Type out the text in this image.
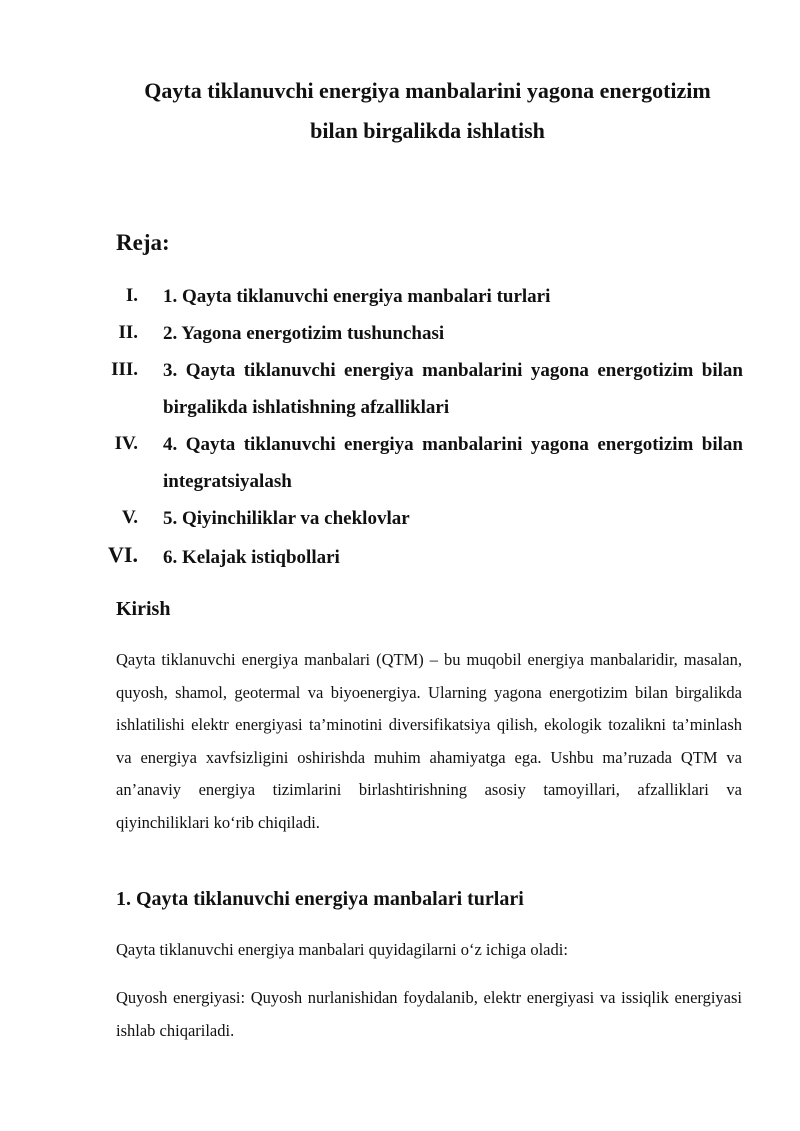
Qayta tiklanuvchi energiya manbalarini yagona energotizim
bilan birgalikda ishlatish
Reja:
I. 1. Qayta tiklanuvchi energiya manbalari turlari
II. 2. Yagona energotizim tushunchasi
III. 3. Qayta tiklanuvchi energiya manbalarini yagona energotizim bilan birgalikda ishlatishning afzalliklari
IV. 4. Qayta tiklanuvchi energiya manbalarini yagona energotizim bilan integratsiyalash
V. 5. Qiyinchiliklar va cheklovlar
VI. 6. Kelajak istiqbollari
Kirish

Qayta tiklanuvchi energiya manbalari (QTM) – bu muqobil energiya manbalaridir, masalan, quyosh, shamol, geotermal va biyoenergiya. Ularning yagona energotizim bilan birgalikda ishlatilishi elektr energiyasi ta’minotini diversifikatsiya qilish, ekologik tozalikni ta’minlash va energiya xavfsizligini oshirishda muhim ahamiyatga ega. Ushbu ma’ruzada QTM va an’anaviy energiya tizimlarini birlashtirishning asosiy tamoyillari, afzalliklari va qiyinchiliklari ko‘rib chiqiladi.

1. Qayta tiklanuvchi energiya manbalari turlari

Qayta tiklanuvchi energiya manbalari quyidagilarni o‘z ichiga oladi:

Quyosh energiyasi: Quyosh nurlanishidan foydalanib, elektr energiyasi va issiqlik energiyasi ishlab chiqariladi.
